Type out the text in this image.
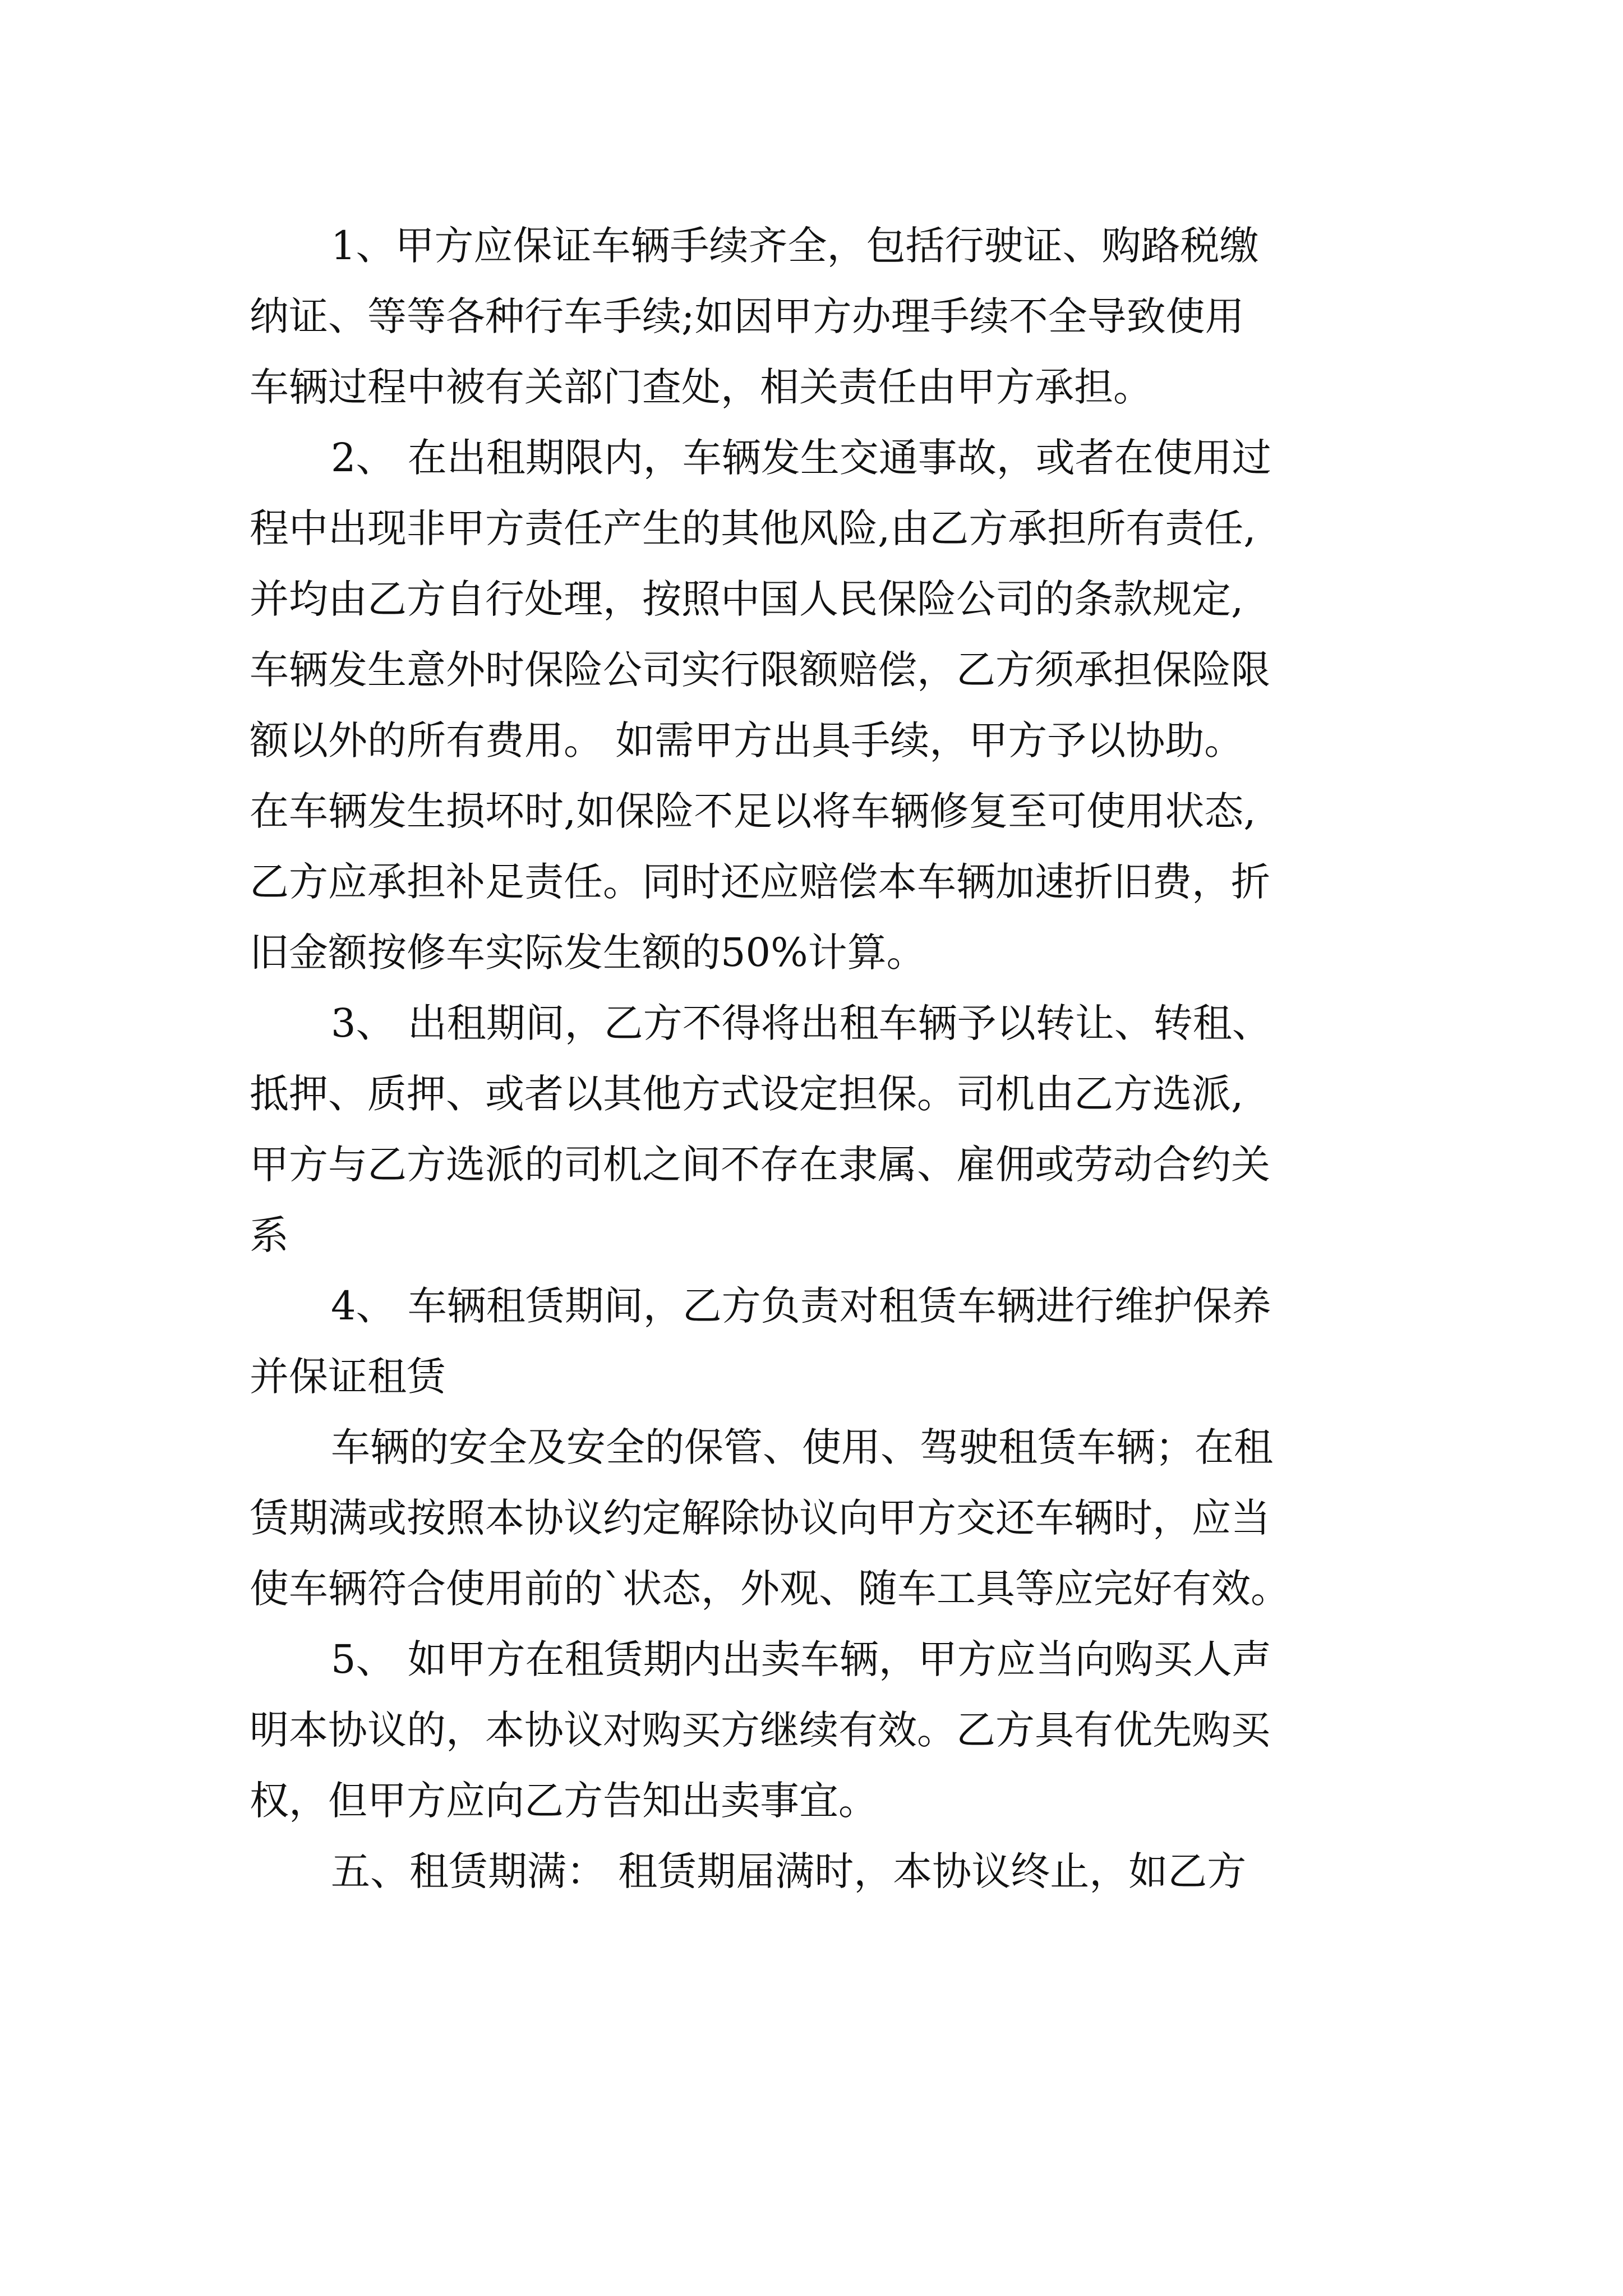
1、甲方应保证车辆手续齐全，包括行驶证、购路税缴
纳证、等等各种行车手续;如因甲方办理手续不全导致使用
车辆过程中被有关部门查处，相关责任由甲方承担。
2、 在出租期限内，车辆发生交通事故，或者在使用过
程中出现非甲方责任产生的其他风险,由乙方承担所有责任,
并均由乙方自行处理，按照中国人民保险公司的条款规定,
车辆发生意外时保险公司实行限额赔偿，乙方须承担保险限
额以外的所有费用。 如需甲方出具手续，甲方予以协助。
在车辆发生损坏时,如保险不足以将车辆修复至可使用状态,
乙方应承担补足责任。同时还应赔偿本车辆加速折旧费，折
旧金额按修车实际发生额的50%计算。
3、 出租期间，乙方不得将出租车辆予以转让、转租、
抵押、质押、或者以其他方式设定担保。司机由乙方选派,
甲方与乙方选派的司机之间不存在隶属、雇佣或劳动合约关
系
4、 车辆租赁期间，乙方负责对租赁车辆进行维护保养
并保证租赁
车辆的安全及安全的保管、使用、驾驶租赁车辆；在租
赁期满或按照本协议约定解除协议向甲方交还车辆时，应当
使车辆符合使用前的`状态，外观、随车工具等应完好有效。
5、 如甲方在租赁期内出卖车辆，甲方应当向购买人声
明本协议的，本协议对购买方继续有效。乙方具有优先购买
权，但甲方应向乙方告知出卖事宜。
五、租赁期满： 租赁期届满时，本协议终止，如乙方
